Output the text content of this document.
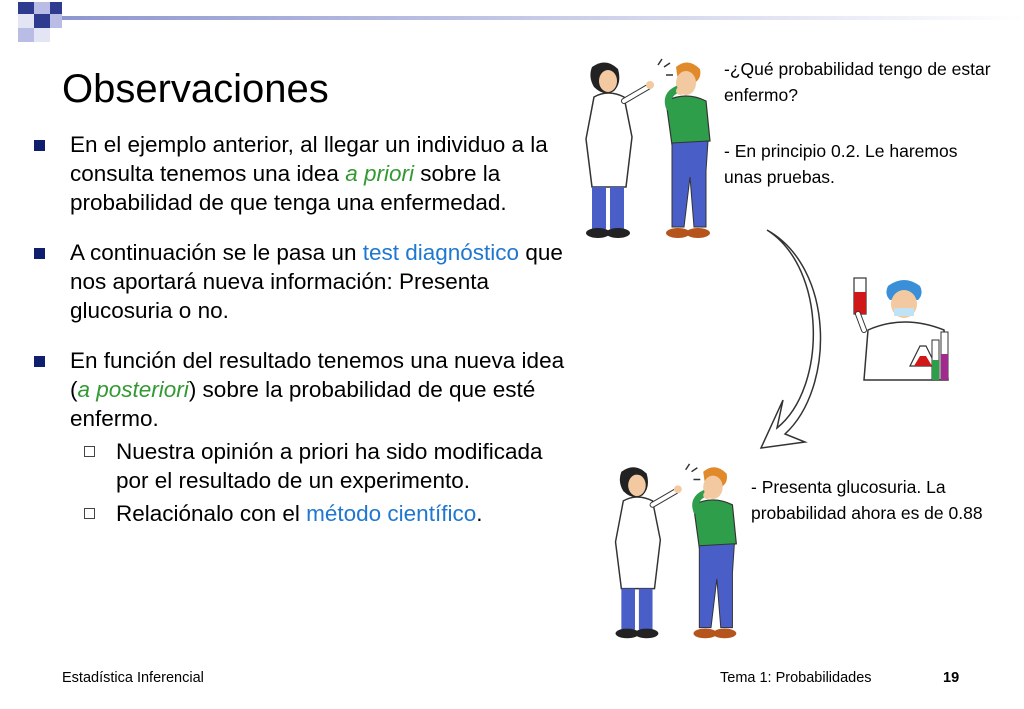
Observaciones
En el ejemplo anterior, al llegar un individuo a la consulta tenemos una idea a priori sobre la probabilidad de que tenga una enfermedad.
A continuación se le pasa un test diagnóstico que nos aportará nueva información: Presenta glucosuria o no.
En función del resultado tenemos una nueva idea (a posteriori) sobre la probabilidad de que esté enfermo.
Nuestra opinión a priori ha sido modificada por el resultado de un experimento.
Relaciónalo con el método científico.
-¿Qué probabilidad tengo de estar enfermo?
- En principio 0.2. Le haremos unas pruebas.
- Presenta glucosuria. La probabilidad ahora es de 0.88
Estadística Inferencial	Tema 1: Probabilidades	19
